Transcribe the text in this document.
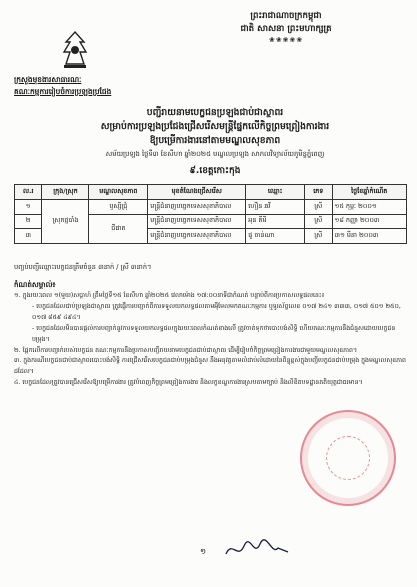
ព្រះរាជាណាចក្រកម្ពុជា
ជាតិ សាសនា ព្រះមហាក្សត្រ
❀❀❀❀❀
ក្រសួងមុខងារសាធារណៈ
គណៈកម្មការរៀបចំការប្រឡងប្រជែង
បញ្ជីរាយនាមបេក្ខជនប្រឡងជាប់ជាស្ថាពរ
សម្រាប់ការប្រឡងប្រជែងជ្រើសរើសមន្ត្រីផ្នែកលើកិច្ចព្រមព្រៀងការងារ
ឱ្យបម្រើការងារនៅតាមមណ្ឌលសុខភាព
សម័យប្រឡង ថ្ងៃទី៣ ខែសីហា ឆ្នាំ២០២៥ មណ្ឌលប្រឡង សាកលវិទ្យាល័យភូមិន្ទភ្នំពេញ
៩.ខេត្តកោះកុង
ល.រ	ក្រុង/ស្រុក	មណ្ឌលសុខភាព	មុខតំណែងជ្រើសរើស	ឈ្មោះ	ភេទ	ថ្ងៃខែឆ្នាំកំណើត
១	ស្រុកថ្មបាំង	ឫស្សីជ្រុំ	មន្ត្រីជំនាញបច្ចេកទេសសុខាភិបាល	ហឿន ឆវី	ស្រី	១៥ កុម្ភៈ ២០០១
២		ជីផាត	មន្ត្រីជំនាញបច្ចេកទេសសុខាភិបាល	អុន គីមី	ស្រី	១៨ កញ្ញា ២០០៣
៣			មន្ត្រីជំនាញបច្ចេកទេសសុខាភិបាល	ផូ ចាន់ណា	ស្រី	៣១ មីនា ២០០៣
បញ្ចប់បញ្ជីឈ្មោះបេក្ខជនត្រឹមចំនួន ៣នាក់ / ស្រី ៣នាក់។
កំណត់សម្គាល់៖

១. ក្នុងរយៈពេល ១(មួយ)សប្តាហ៍ ត្រឹមថ្ងៃទី១៥ ខែសីហា ឆ្នាំ២០២៥ វេលាម៉ោង ១៧:០០នាទីជាកំណត់ បន្ទាប់ពីការប្រកាសលទ្ធផលនេះ៖

- បេក្ខជនដែលជាប់ប្រឡងជាស្ថាពរ ត្រូវផ្ញើការបញ្ជាក់ពីការទទួលយកលទ្ធផលតាមអុីមែលមកគណៈកម្មការ ឬទូរស័ព្ទលេខ ០១៧ ២៤១ ៣៣៣, ០១៧ ៥០១ ២៥០, ០១៧ ៨៥៩ ៤៩៤។

- បេក្ខជនដែលមិនបានផ្តល់ការបញ្ជាក់នូវការទទួលយកលទ្ធផលក្នុងរយៈពេលកំណត់ខាងលើ ត្រូវចាត់ទុកថាបោះបង់សិទ្ធិ ហើយគណៈកម្មការនឹងជំនួសដោយបេក្ខជនបម្រុង។

២. ផ្អែកលើការបញ្ជាក់របស់បេក្ខជន គណៈកម្មការនឹងប្រកាសបញ្ជីរាយនាមបេក្ខជនជាប់ជាស្ថាពរ ដើម្បីរៀបចំកិច្ចព្រមព្រៀងការងារជាមួយមណ្ឌលសុខភាព។

៣. ក្នុងករណីបេក្ខជនជាប់ជាស្ថាពរបោះបង់សិទ្ធិ ការជ្រើសរើសបេក្ខជនជាប់បម្រុងជំនួស នឹងអនុវត្តតាមលំដាប់លំដោយនៃពិន្ទុខ្ពស់ក្នុងបញ្ជីបេក្ខជនជាប់បម្រុង ក្នុងមណ្ឌលសុខភាពដដែល។

៤. បេក្ខជនដែលត្រូវបានជ្រើសរើសឱ្យបម្រើការងារ ត្រូវបំពេញកិច្ចព្រមព្រៀងការងារ និងលក្ខខណ្ឌការងារស្របតាមច្បាប់ និងលិខិតបទដ្ឋានគតិយុត្តជាធរមាន។

១
